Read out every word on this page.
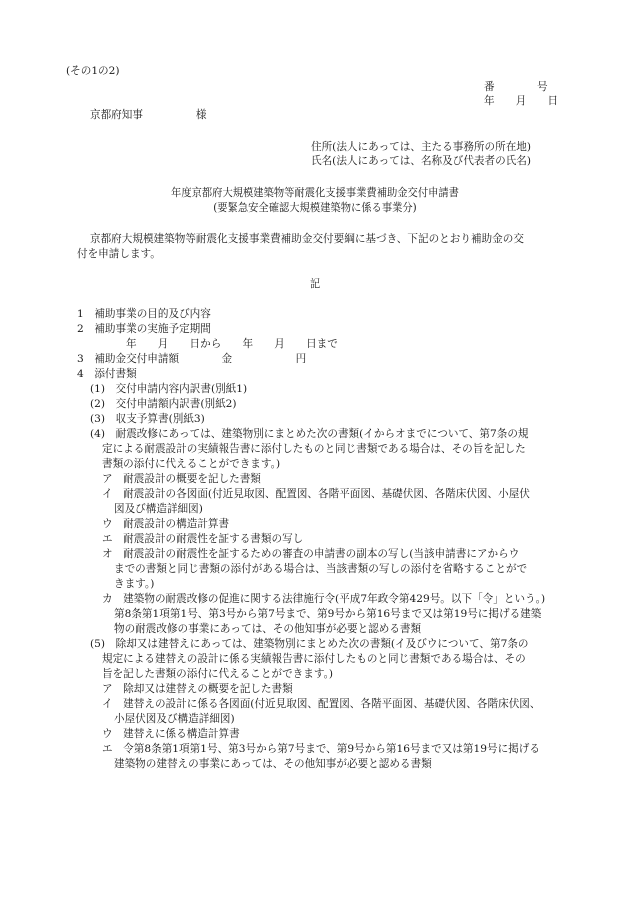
(その1の2)
番　　　　号
年　　月　　日
京都府知事　　　　　様
住所(法人にあっては、主たる事務所の所在地)
氏名(法人にあっては、名称及び代表者の氏名)
年度京都府大規模建築物等耐震化支援事業費補助金交付申請書
(要緊急安全確認大規模建築物に係る事業分)
京都府大規模建築物等耐震化支援事業費補助金交付要綱に基づき、下記のとおり補助金の交
付を申請します。
記
1　補助事業の目的及び内容
2　補助事業の実施予定期間
年　　月　　日から　　年　　月　　日まで
3　補助金交付申請額　　　　金　　　　　　円
4　添付書類
(1)　交付申請内容内訳書(別紙1)
(2)　交付申請額内訳書(別紙2)
(3)　収支予算書(別紙3)
(4)　耐震改修にあっては、建築物別にまとめた次の書類(イからオまでについて、第7条の規
定による耐震設計の実績報告書に添付したものと同じ書類である場合は、その旨を記した
書類の添付に代えることができます。)
ア　耐震設計の概要を記した書類
イ　耐震設計の各図面(付近見取図、配置図、各階平面図、基礎伏図、各階床伏図、小屋伏
図及び構造詳細図)
ウ　耐震設計の構造計算書
エ　耐震設計の耐震性を証する書類の写し
オ　耐震設計の耐震性を証するための審査の申請書の副本の写し(当該申請書にアからウ
までの書類と同じ書類の添付がある場合は、当該書類の写しの添付を省略することがで
きます。)
カ　建築物の耐震改修の促進に関する法律施行令(平成7年政令第429号。以下「令」という。)
第8条第1項第1号、第3号から第7号まで、第9号から第16号まで又は第19号に掲げる建築
物の耐震改修の事業にあっては、その他知事が必要と認める書類
(5)　除却又は建替えにあっては、建築物別にまとめた次の書類(イ及びウについて、第7条の
規定による建替えの設計に係る実績報告書に添付したものと同じ書類である場合は、その
旨を記した書類の添付に代えることができます。)
ア　除却又は建替えの概要を記した書類
イ　建替えの設計に係る各図面(付近見取図、配置図、各階平面図、基礎伏図、各階床伏図、
小屋伏図及び構造詳細図)
ウ　建替えに係る構造計算書
エ　令第8条第1項第1号、第3号から第7号まで、第9号から第16号まで又は第19号に掲げる
建築物の建替えの事業にあっては、その他知事が必要と認める書類
